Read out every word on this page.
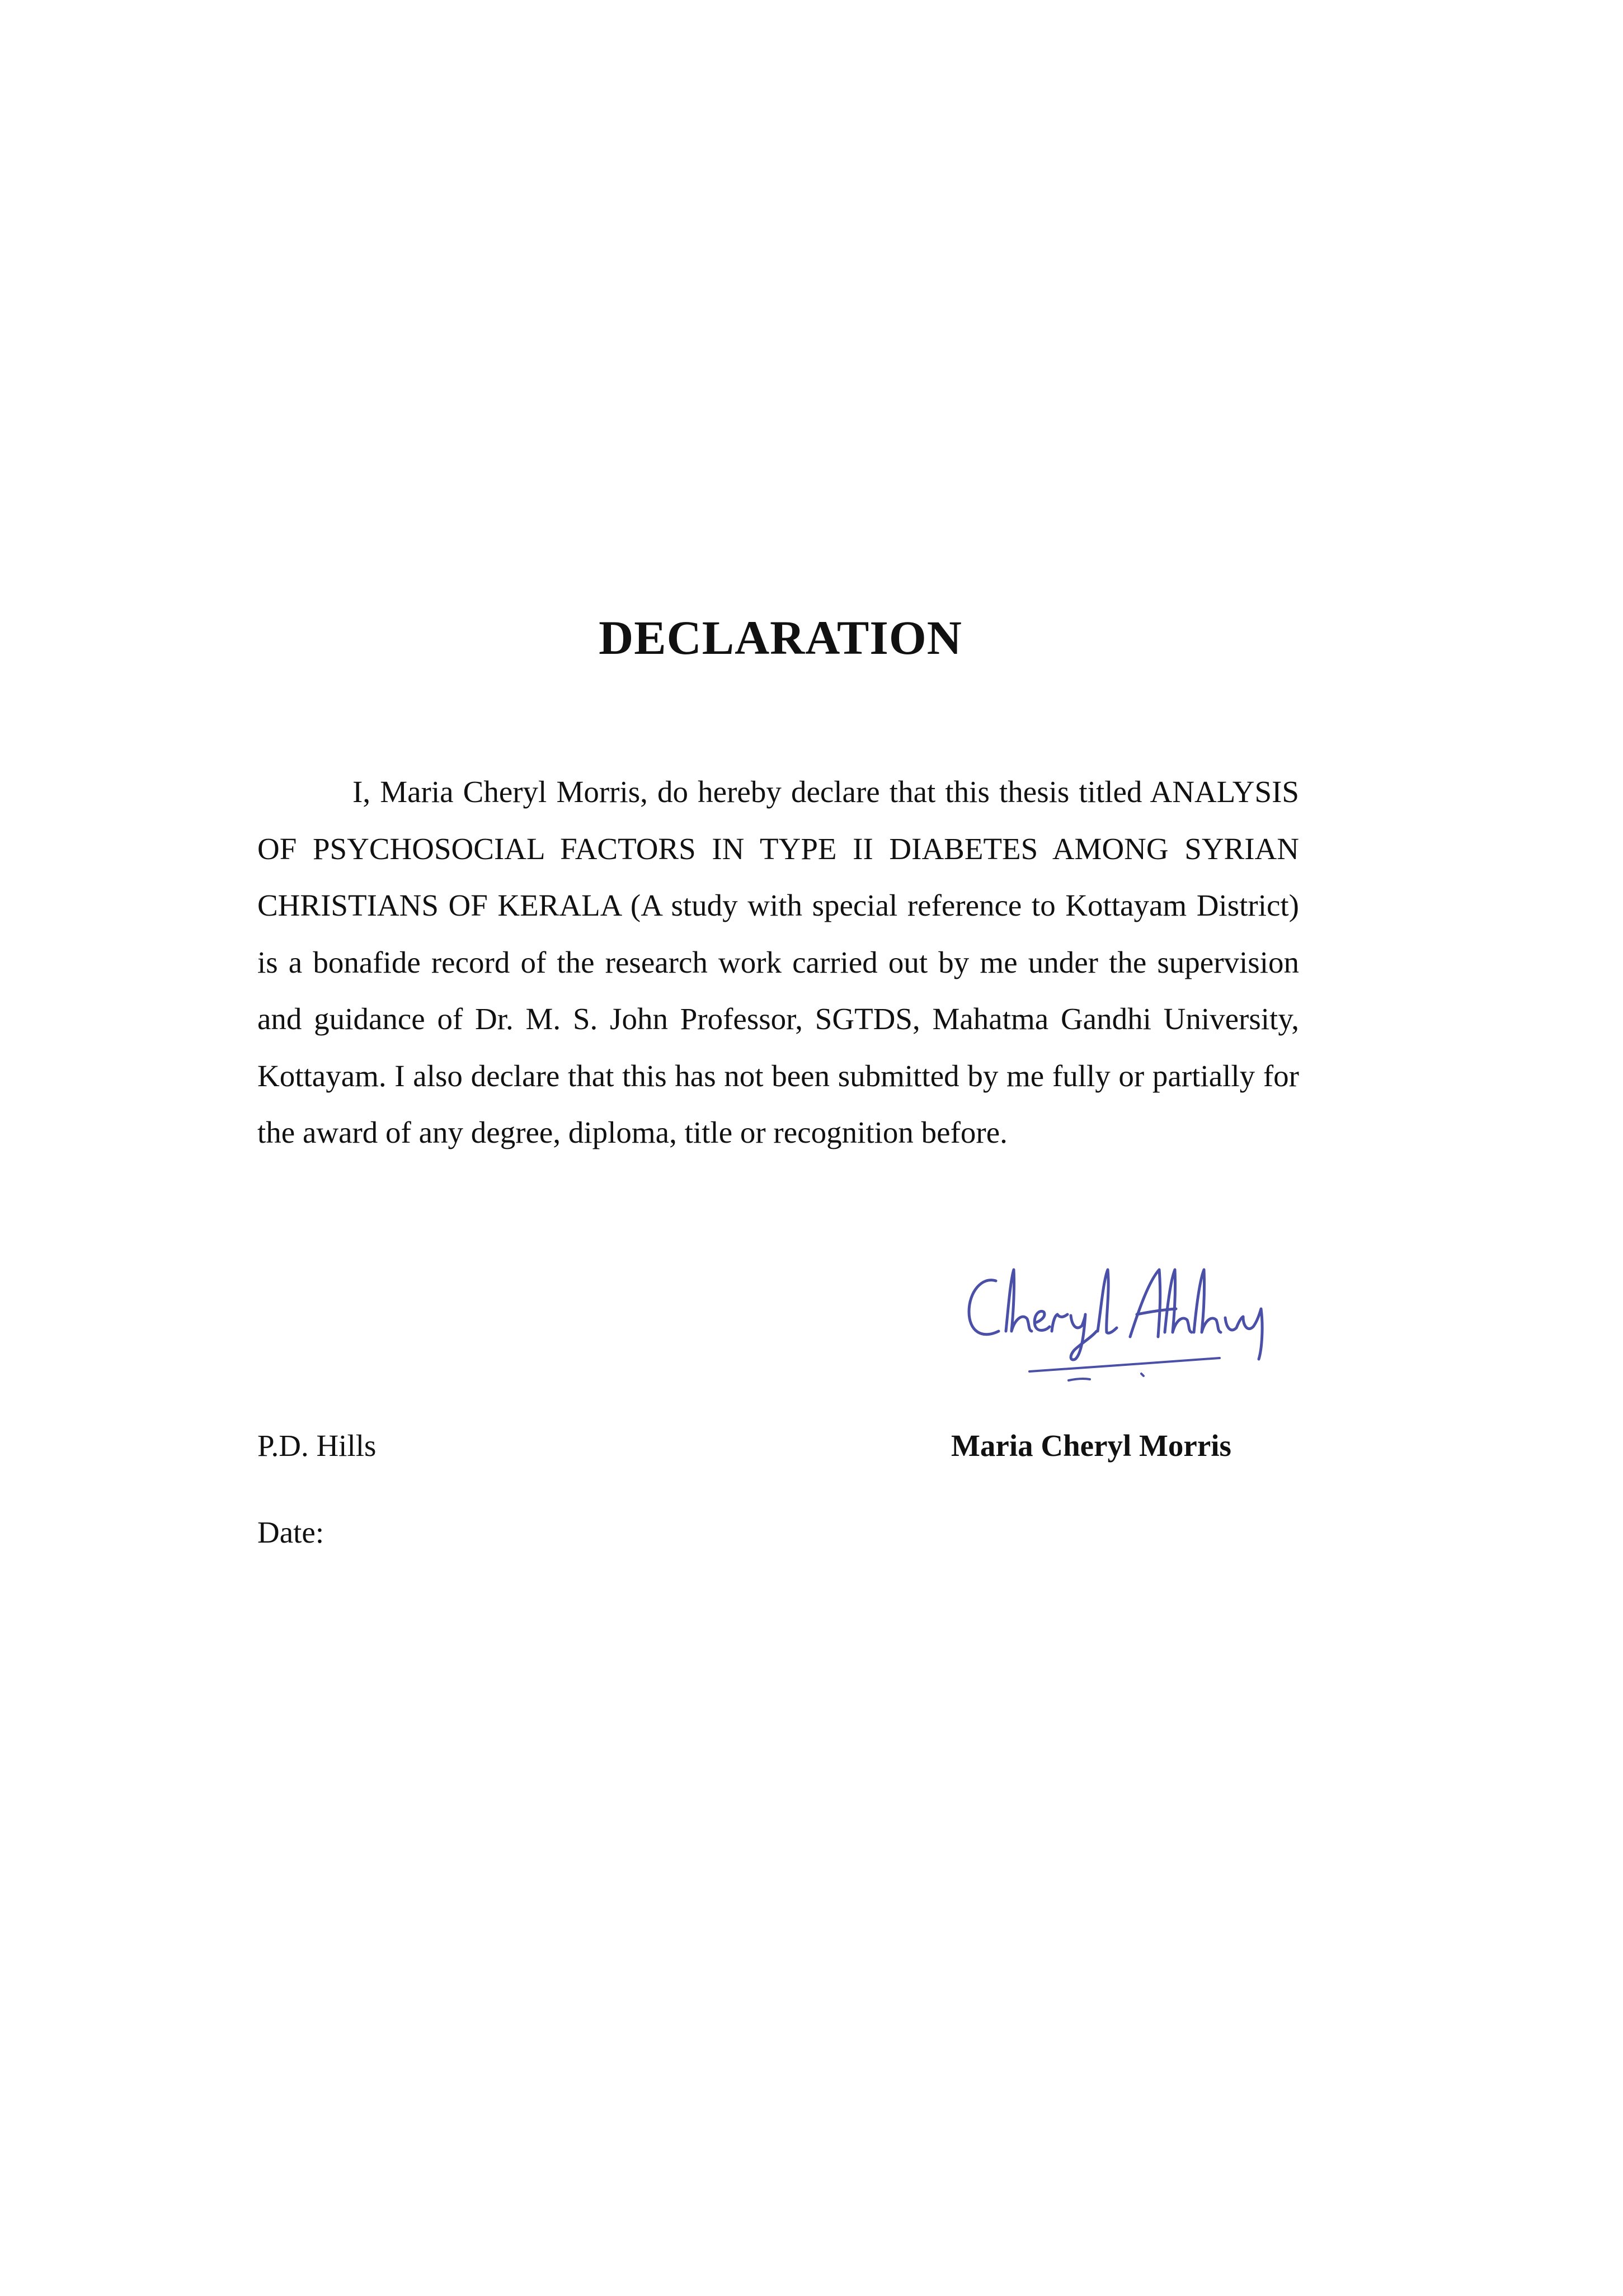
DECLARATION

I, Maria Cheryl Morris, do hereby declare that this thesis titled ANALYSIS OF PSYCHOSOCIAL FACTORS IN TYPE II DIABETES AMONG SYRIAN CHRISTIANS OF KERALA (A study with special reference to Kottayam District) is a bonafide record of the research work carried out by me under the supervision and guidance of Dr. M. S. John Professor, SGTDS, Mahatma Gandhi University, Kottayam. I also declare that this has not been submitted by me fully or partially for the award of any degree, diploma, title or recognition before.

P.D. Hills	Maria Cheryl Morris

Date:
